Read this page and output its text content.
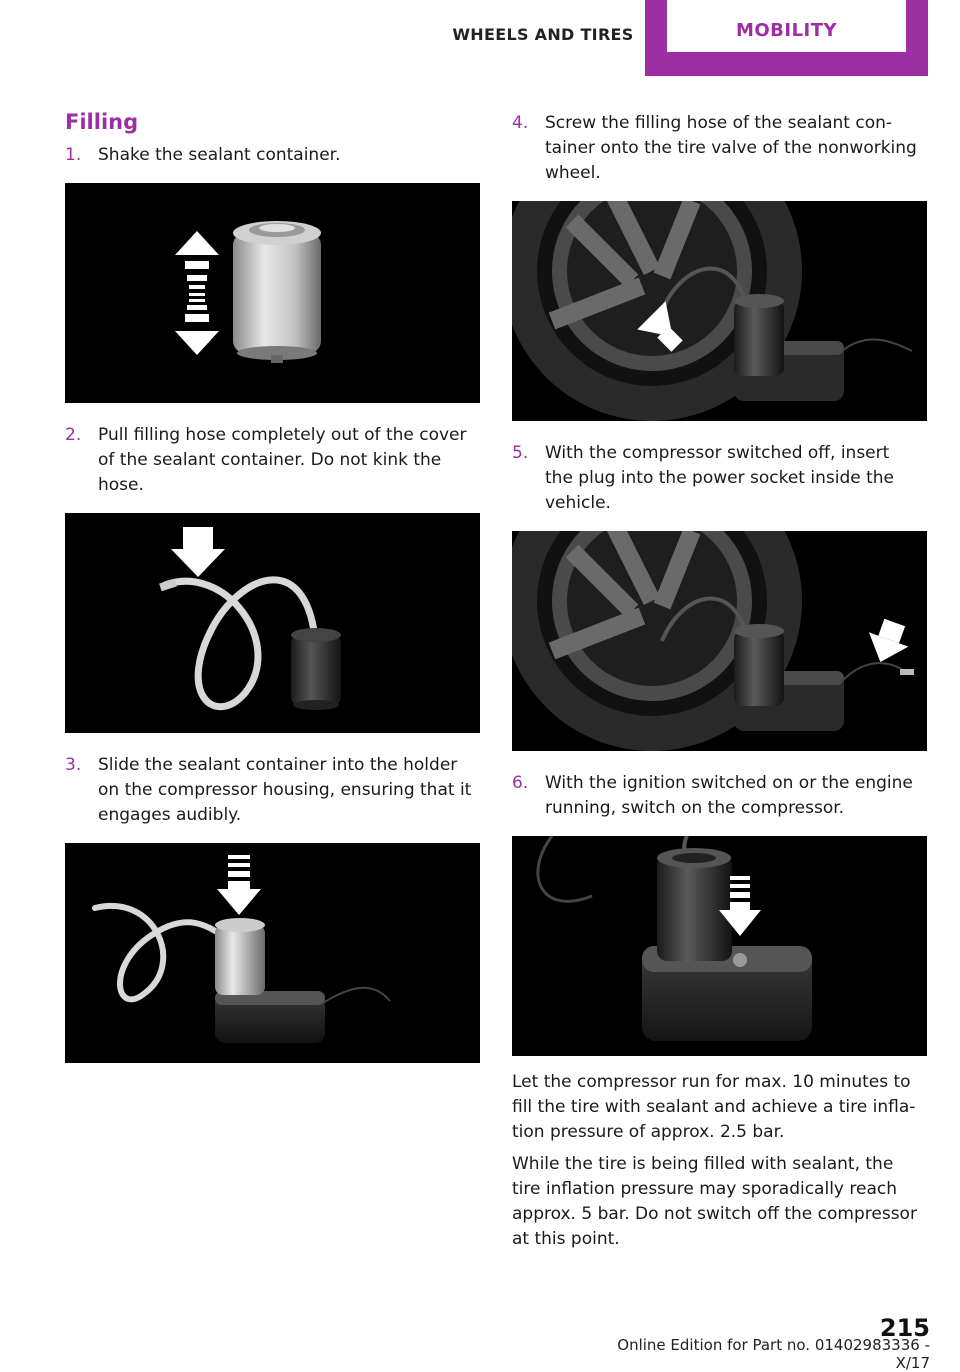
WHEELS AND TIRES	MOBILITY
Filling
1. Shake the sealant container.
2. Pull filling hose completely out of the cover
of the sealant container. Do not kink the
hose.
3. Slide the sealant container into the holder
on the compressor housing, ensuring that it
engages audibly.
4. Screw the filling hose of the sealant con‐
tainer onto the tire valve of the nonworking
wheel.
5. With the compressor switched off, insert
the plug into the power socket inside the
vehicle.
6. With the ignition switched on or the engine
running, switch on the compressor.
Let the compressor run for max. 10 minutes to
fill the tire with sealant and achieve a tire infla‐
tion pressure of approx. 2.5 bar.
While the tire is being filled with sealant, the
tire inflation pressure may sporadically reach
approx. 5 bar. Do not switch off the compressor
at this point.
215
Online Edition for Part no. 01402983336 - X/17
